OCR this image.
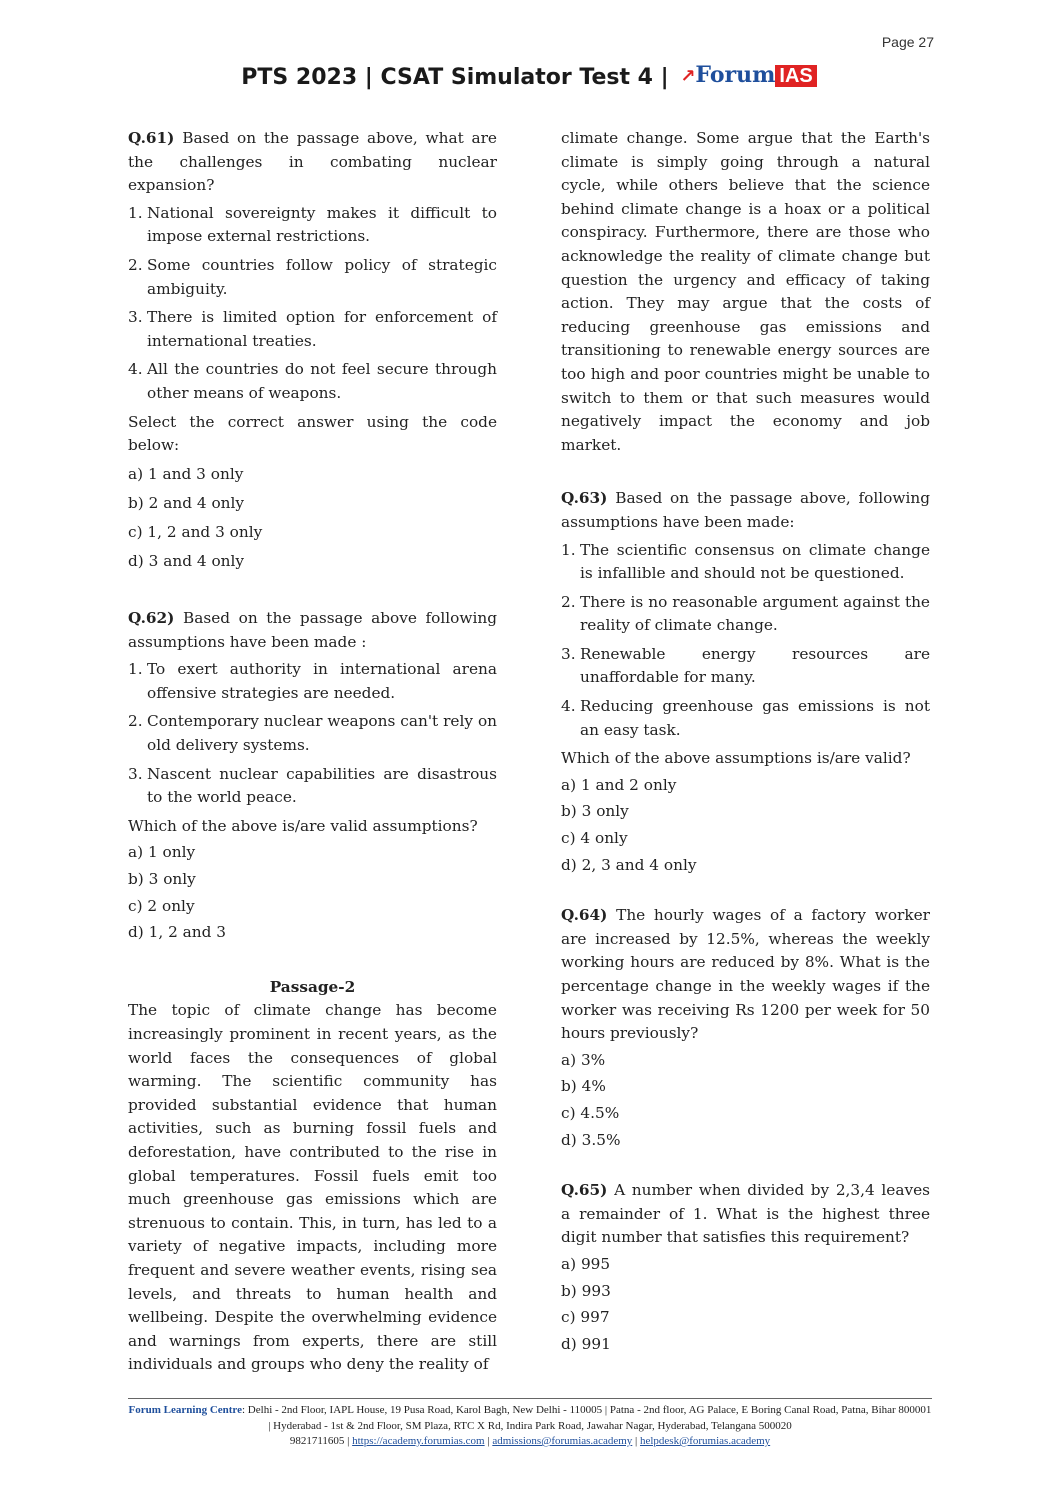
Page 27
PTS 2023 | CSAT Simulator Test 4 | ↗Forum IAS

Q.61) Based on the passage above, what are the challenges in combating nuclear expansion?

1. National sovereignty makes it difficult to impose external restrictions.
2. Some countries follow policy of strategic ambiguity.
3. There is limited option for enforcement of international treaties.
4. All the countries do not feel secure through other means of weapons.

Select the correct answer using the code below:

a) 1 and 3 only
b) 2 and 4 only
c) 1, 2 and 3 only
d) 3 and 4 only

Q.62) Based on the passage above following assumptions have been made :

1. To exert authority in international arena offensive strategies are needed.
2. Contemporary nuclear weapons can't rely on old delivery systems.
3. Nascent nuclear capabilities are disastrous to the world peace.

Which of the above is/are valid assumptions?

a) 1 only
b) 3 only
c) 2 only
d) 1, 2 and 3

Passage-2

The topic of climate change has become increasingly prominent in recent years, as the world faces the consequences of global warming. The scientific community has provided substantial evidence that human activities, such as burning fossil fuels and deforestation, have contributed to the rise in global temperatures. Fossil fuels emit too much greenhouse gas emissions which are strenuous to contain. This, in turn, has led to a variety of negative impacts, including more frequent and severe weather events, rising sea levels, and threats to human health and wellbeing. Despite the overwhelming evidence and warnings from experts, there are still individuals and groups who deny the reality of

climate change. Some argue that the Earth's climate is simply going through a natural cycle, while others believe that the science behind climate change is a hoax or a political conspiracy. Furthermore, there are those who acknowledge the reality of climate change but question the urgency and efficacy of taking action. They may argue that the costs of reducing greenhouse gas emissions and transitioning to renewable energy sources are too high and poor countries might be unable to switch to them or that such measures would negatively impact the economy and job market.

Q.63) Based on the passage above, following assumptions have been made:

1. The scientific consensus on climate change is infallible and should not be questioned.
2. There is no reasonable argument against the reality of climate change.
3. Renewable energy resources are unaffordable for many.
4. Reducing greenhouse gas emissions is not an easy task.

Which of the above assumptions is/are valid?

a) 1 and 2 only
b) 3 only
c) 4 only
d) 2, 3 and 4 only

Q.64) The hourly wages of a factory worker are increased by 12.5%, whereas the weekly working hours are reduced by 8%. What is the percentage change in the weekly wages if the worker was receiving Rs 1200 per week for 50 hours previously?

a) 3%
b) 4%
c) 4.5%
d) 3.5%

Q.65) A number when divided by 2,3,4 leaves a remainder of 1. What is the highest three digit number that satisfies this requirement?

a) 995
b) 993
c) 997
d) 991
Forum Learning Centre: Delhi - 2nd Floor, IAPL House, 19 Pusa Road, Karol Bagh, New Delhi - 110005 | Patna - 2nd floor, AG Palace, E Boring Canal Road, Patna, Bihar 800001 | Hyderabad - 1st & 2nd Floor, SM Plaza, RTC X Rd, Indira Park Road, Jawahar Nagar, Hyderabad, Telangana 500020
9821711605 | https://academy.forumias.com | admissions@forumias.academy | helpdesk@forumias.academy
